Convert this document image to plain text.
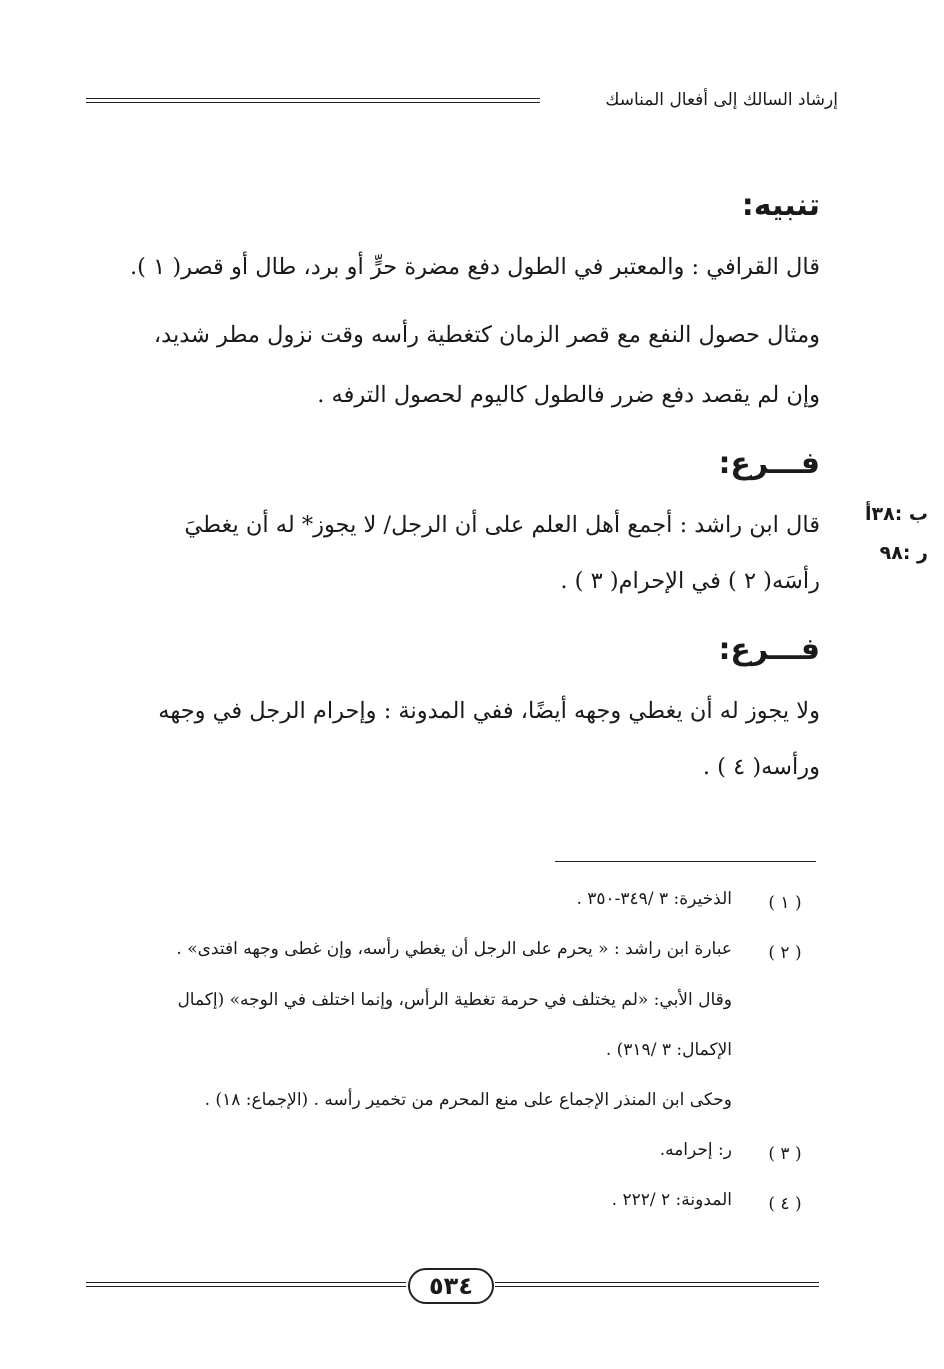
إرشاد السالك إلى أفعال المناسك
تنبيه:
قال القرافي : والمعتبر في الطول دفع مضرة حرٍّ أو برد، طال أو قصر( ١ ).
ومثال حصول النفع مع قصر الزمان كتغطية رأسه وقت نزول مطر شديد،
وإن لم يقصد دفع ضرر فالطول كاليوم لحصول الترفه .
فـــرع:
قال ابن راشد : أجمع أهل العلم على أن الرجل/ لا يجوز* له أن يغطيَ
رأسَه( ٢ ) في الإحرام( ٣ ) .
ب :٣٨أ
ر :٩٨
فـــرع:
ولا يجوز له أن يغطي وجهه أيضًا، ففي المدونة : وإحرام الرجل في وجهه
ورأسه( ٤ ) .
( ١ )
الذخيرة: ٣ /٣٤٩-٣٥٠ .
( ٢ )
عبارة ابن راشد : « يحرم على الرجل أن يغطي رأسه، وإن غطى وجهه افتدى» .
وقال الأبي: «لم يختلف في حرمة تغطية الرأس، وإنما اختلف في الوجه» (إكمال
الإكمال: ٣ /٣١٩) .
وحكى ابن المنذر الإجماع على منع المحرم من تخمير رأسه . (الإجماع: ١٨) .
( ٣ )
ر: إحرامه.
( ٤ )
المدونة: ٢ /٢٢٢ .
٥٣٤
